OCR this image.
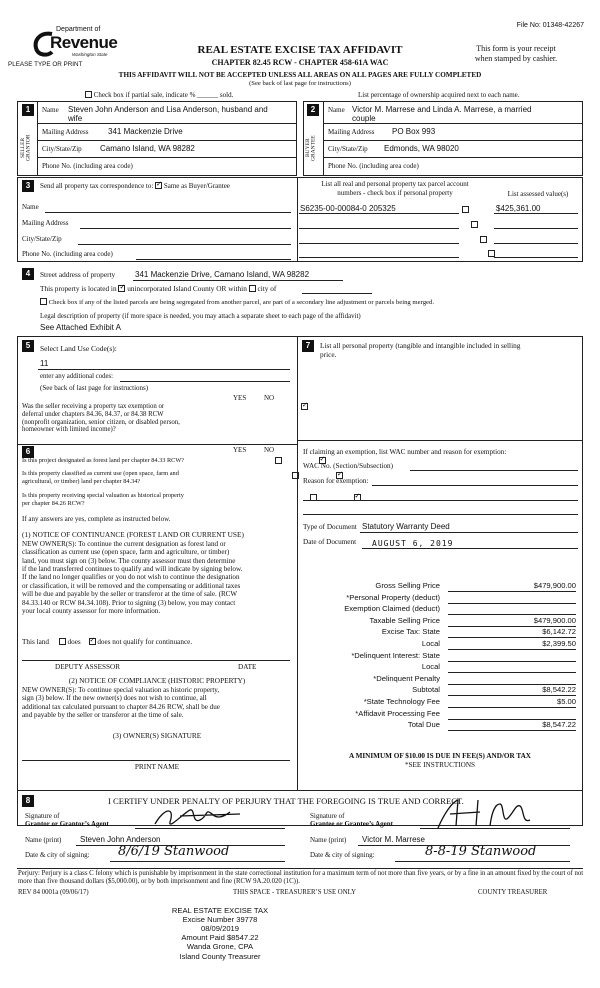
File No: 01348-42267
Department of
Revenue
Washington State
PLEASE TYPE OR PRINT
REAL ESTATE EXCISE TAX AFFIDAVIT
CHAPTER 82.45 RCW - CHAPTER 458-61A WAC
This form is your receipt
when stamped by cashier.
THIS AFFIDAVIT WILL NOT BE ACCEPTED UNLESS ALL AREAS ON ALL PAGES ARE FULLY COMPLETED
(See back of last page for instructions)
Check box if partial sale, indicate % ______ sold.	List percentage of ownership acquired next to each name.
1	2
SELLER GRANTOR	BUYER GRANTEE
Name Steven John Anderson and Lisa Anderson, husband and
wife
Mailing Address 341 Mackenzie Drive
City/State/Zip Camano Island, WA 98282
Phone No. (including area code)
Name Victor M. Marrese and Linda A. Marrese, a married
couple
Mailing Address PO Box 993
City/State/Zip Edmonds, WA 98020
Phone No. (including area code)
3	Send all property tax correspondence to: ✓ Same as Buyer/Grantee
Name
Mailing Address
City/State/Zip
Phone No. (including area code)
List all real and personal property tax parcel account
numbers - check box if personal property	List assessed value(s)
S6235-00-00084-0 205325	$425,361.00

4	Street address of property 341 Mackenzie Drive, Camano Island, WA 98282
This property is located in ✓ unincorporated Island County OR within city of
Check box if any of the listed parcels are being segregated from another parcel, are part of a secondary line adjustment or parcels being merged.
Legal description of property (if more space is needed, you may attach a separate sheet to each page of the affidavit)
See Attached Exhibit A
5	Select Land Use Code(s):
11
enter any additional codes:
(See back of last page for instructions)
YES	NO
Was the seller receiving a property tax exemption or
deferral under chapters 84.36, 84.37, or 84.38 RCW
(nonprofit organization, senior citizen, or disabled person,
homeowner with limited income)?
✓
6	YES	NO
Is this project designated as forest land per chapter 84.33 RCW?
✓
Is this property classified as current use (open space, farm and
agricultural, or timber) land per chapter 84.34?
✓
Is this property receiving special valuation as historical property
per chapter 84.26 RCW?
✓
If any answers are yes, complete as instructed below.
(1) NOTICE OF CONTINUANCE (FOREST LAND OR CURRENT USE)
NEW OWNER(S): To continue the current designation as forest land or
classification as current use (open space, farm and agriculture, or timber)
land, you must sign on (3) below. The county assessor must then determine
if the land transferred continues to qualify and will indicate by signing below.
If the land no longer qualifies or you do not wish to continue the designation
or classification, it will be removed and the compensating or additional taxes
will be due and payable by the seller or transferor at the time of sale. (RCW
84.33.140 or RCW 84.34.108). Prior to signing (3) below, you may contact
your local county assessor for more information.
This land	does ✓ does not qualify for continuance.
DEPUTY ASSESSOR	DATE
(2) NOTICE OF COMPLIANCE (HISTORIC PROPERTY)
NEW OWNER(S): To continue special valuation as historic property,
sign (3) below. If the new owner(s) does not wish to continue, all
additional tax calculated pursuant to chapter 84.26 RCW, shall be due
and payable by the seller or transferor at the time of sale.
(3) OWNER(S) SIGNATURE
PRINT NAME
7	List all personal property (tangible and intangible included in selling
price.
If claiming an exemption, list WAC number and reason for exemption:
WAC No. (Section/Subsection)
Reason for exemption:
Type of Document Statutory Warranty Deed
Date of Document AUGUST 6, 2019
Gross Selling Price	$479,900.00
*Personal Property (deduct)
Exemption Claimed (deduct)
Taxable Selling Price	$479,900.00
Excise Tax: State	$6,142.72
Local	$2,399.50
*Delinquent Interest: State
Local
*Delinquent Penalty
Subtotal	$8,542.22
*State Technology Fee	$5.00
*Affidavit Processing Fee
Total Due	$8,547.22
A MINIMUM OF $10.00 IS DUE IN FEE(S) AND/OR TAX
*SEE INSTRUCTIONS
8	I CERTIFY UNDER PENALTY OF PERJURY THAT THE FOREGOING IS TRUE AND CORRECT.
Signature of
Grantor or Grantor’s Agent
Name (print) Steven John Anderson
Date & city of signing: 8/6/19 Stanwood
Signature of
Grantee or Grantee’s Agent
Name (print) Victor M. Marrese
Date & city of signing:	8-8-19 Stanwood
Perjury: Perjury is a class C felony which is punishable by imprisonment in the state correctional institution for a maximum term of not more than five years, or by a fine in an amount fixed by the court of not more than five thousand dollars ($5,000.00), or by both imprisonment and fine (RCW 9A.20.020 (1C)).
REV 84 0001a (09/06/17)	THIS SPACE - TREASURER’S USE ONLY	COUNTY TREASURER
REAL ESTATE EXCISE TAX
Excise Number 39778
08/09/2019
Amount Paid $8547.22
Wanda Grone, CPA
Island County Treasurer
